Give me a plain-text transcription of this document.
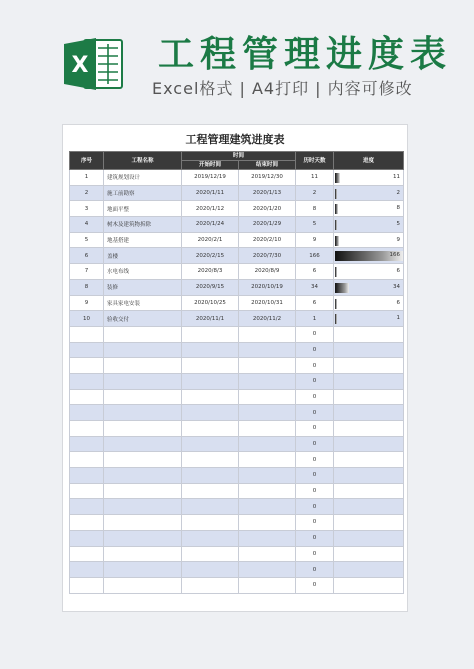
X 工程管理进度表
Excel格式 | A4打印 | 内容可修改
工程管理建筑进度表
序号	工程名称	时间		历时天数	进度
		开始时间	结束时间		
1	建筑规划设计	2019/12/19	2019/12/30	11	11

2	施工前勘察	2020/1/11	2020/1/13	2	2

3	地面平整	2020/1/12	2020/1/20	8	8

4	树木及建筑物拆除	2020/1/24	2020/1/29	5	5

5	地基搭建	2020/2/1	2020/2/10	9	9

6	盖楼	2020/2/15	2020/7/30	166	166

7	水电布线	2020/8/3	2020/8/9	6	6

8	装修	2020/9/15	2020/10/19	34	34

9	家具家电安装	2020/10/25	2020/10/31	6	6

10	验收交付	2020/11/1	2020/11/2	1	1

				0	
				0	
				0	
				0	
				0	
				0	
				0	
				0	
				0	
				0	
				0	
				0	
				0	
				0	
				0	
				0	
				0	
